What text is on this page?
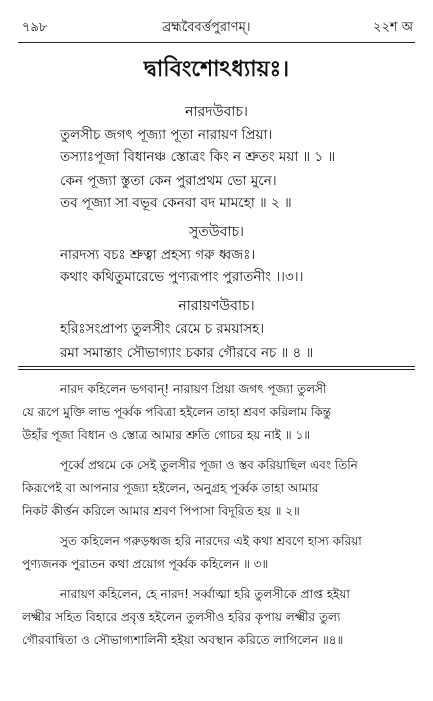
৭৯৮	ব্রহ্মবৈবর্ত্তপুরাণম্।	২২শ অ
দ্বাবিংশোঽধ্যায়ঃ।
নারদউবাচ।
তুলসীচ জগৎ পূজ্যা পূতা নারায়ণ প্রিয়া।
তস্যাঃপূজা বিধানঞ্চ স্তোত্রং কিং ন শ্রুতং ময়া ॥ ১ ॥
কেন পূজ্যা স্তুতা কেন পুরাপ্রথম ভো মুনে।
তব পূজ্যা সা বভূব কেনবা বদ মামহো ॥ ২ ॥
সুতউবাচ।
নারদস্য বচঃ শ্রুত্বা প্রহস্য গরু ধ্বজঃ।
কথাং কথিতুমারেভে পুণ্যরূপাং পুরাতনীং ।।৩।।
নারায়ণউবাচ।
হরিঃসংপ্রাপ্য তুলসীং রেমে চ রময়াসহ।
রমা সমান্তাং সৌভাগ্যাং চকার গৌরবে নচ ॥ ৪ ॥
নারদ কহিলেন ভগবান্! নারায়ণ প্রিয়া জগৎ পূজ্যা তুলসী
যে রূপে মুক্তি লাভ পূর্ব্বক পবিত্রা হইলেন তাহা শ্রবণ করিলাম কিন্তু
উহাঁর পূজা বিধান ও স্তোত্র আমার শ্রুতি গোচর হয় নাই ॥ ১॥
পূর্ব্বে প্রথমে কে সেই তুলসীর পূজা ও স্তব করিয়াছিল এবং তিনি
কিরূপেই বা আপনার পূজ্যা হইলেন, অনুগ্রহ পূর্ব্বক তাহা আমার
নিকট কীর্ত্তন করিলে আমার শ্রবণ পিপাসা বিদূরিত হয় ॥ ২॥
সুত কহিলেন গরুড়ধ্বজ হরি নারদের এই কথা শ্রবণে হাস্য করিয়া
পুণ্যজনক পুরাতন কথা প্রয়োগ পূর্ব্বক কহিলেন ॥ ৩॥
নারায়ণ কহিলেন, হে নারদ! সর্ব্বাত্মা হরি তুলসীকে প্রাপ্ত হইয়া
লক্ষ্মীর সহিত বিহারে প্রবৃত্ত হইলেন তুলসীও হরির কৃপায় লক্ষ্মীর তুল্য
গৌরবান্বিতা ও সৌভাগ্যশালিনী হইয়া অবস্থান করিতে লাগিলেন ॥৪॥
